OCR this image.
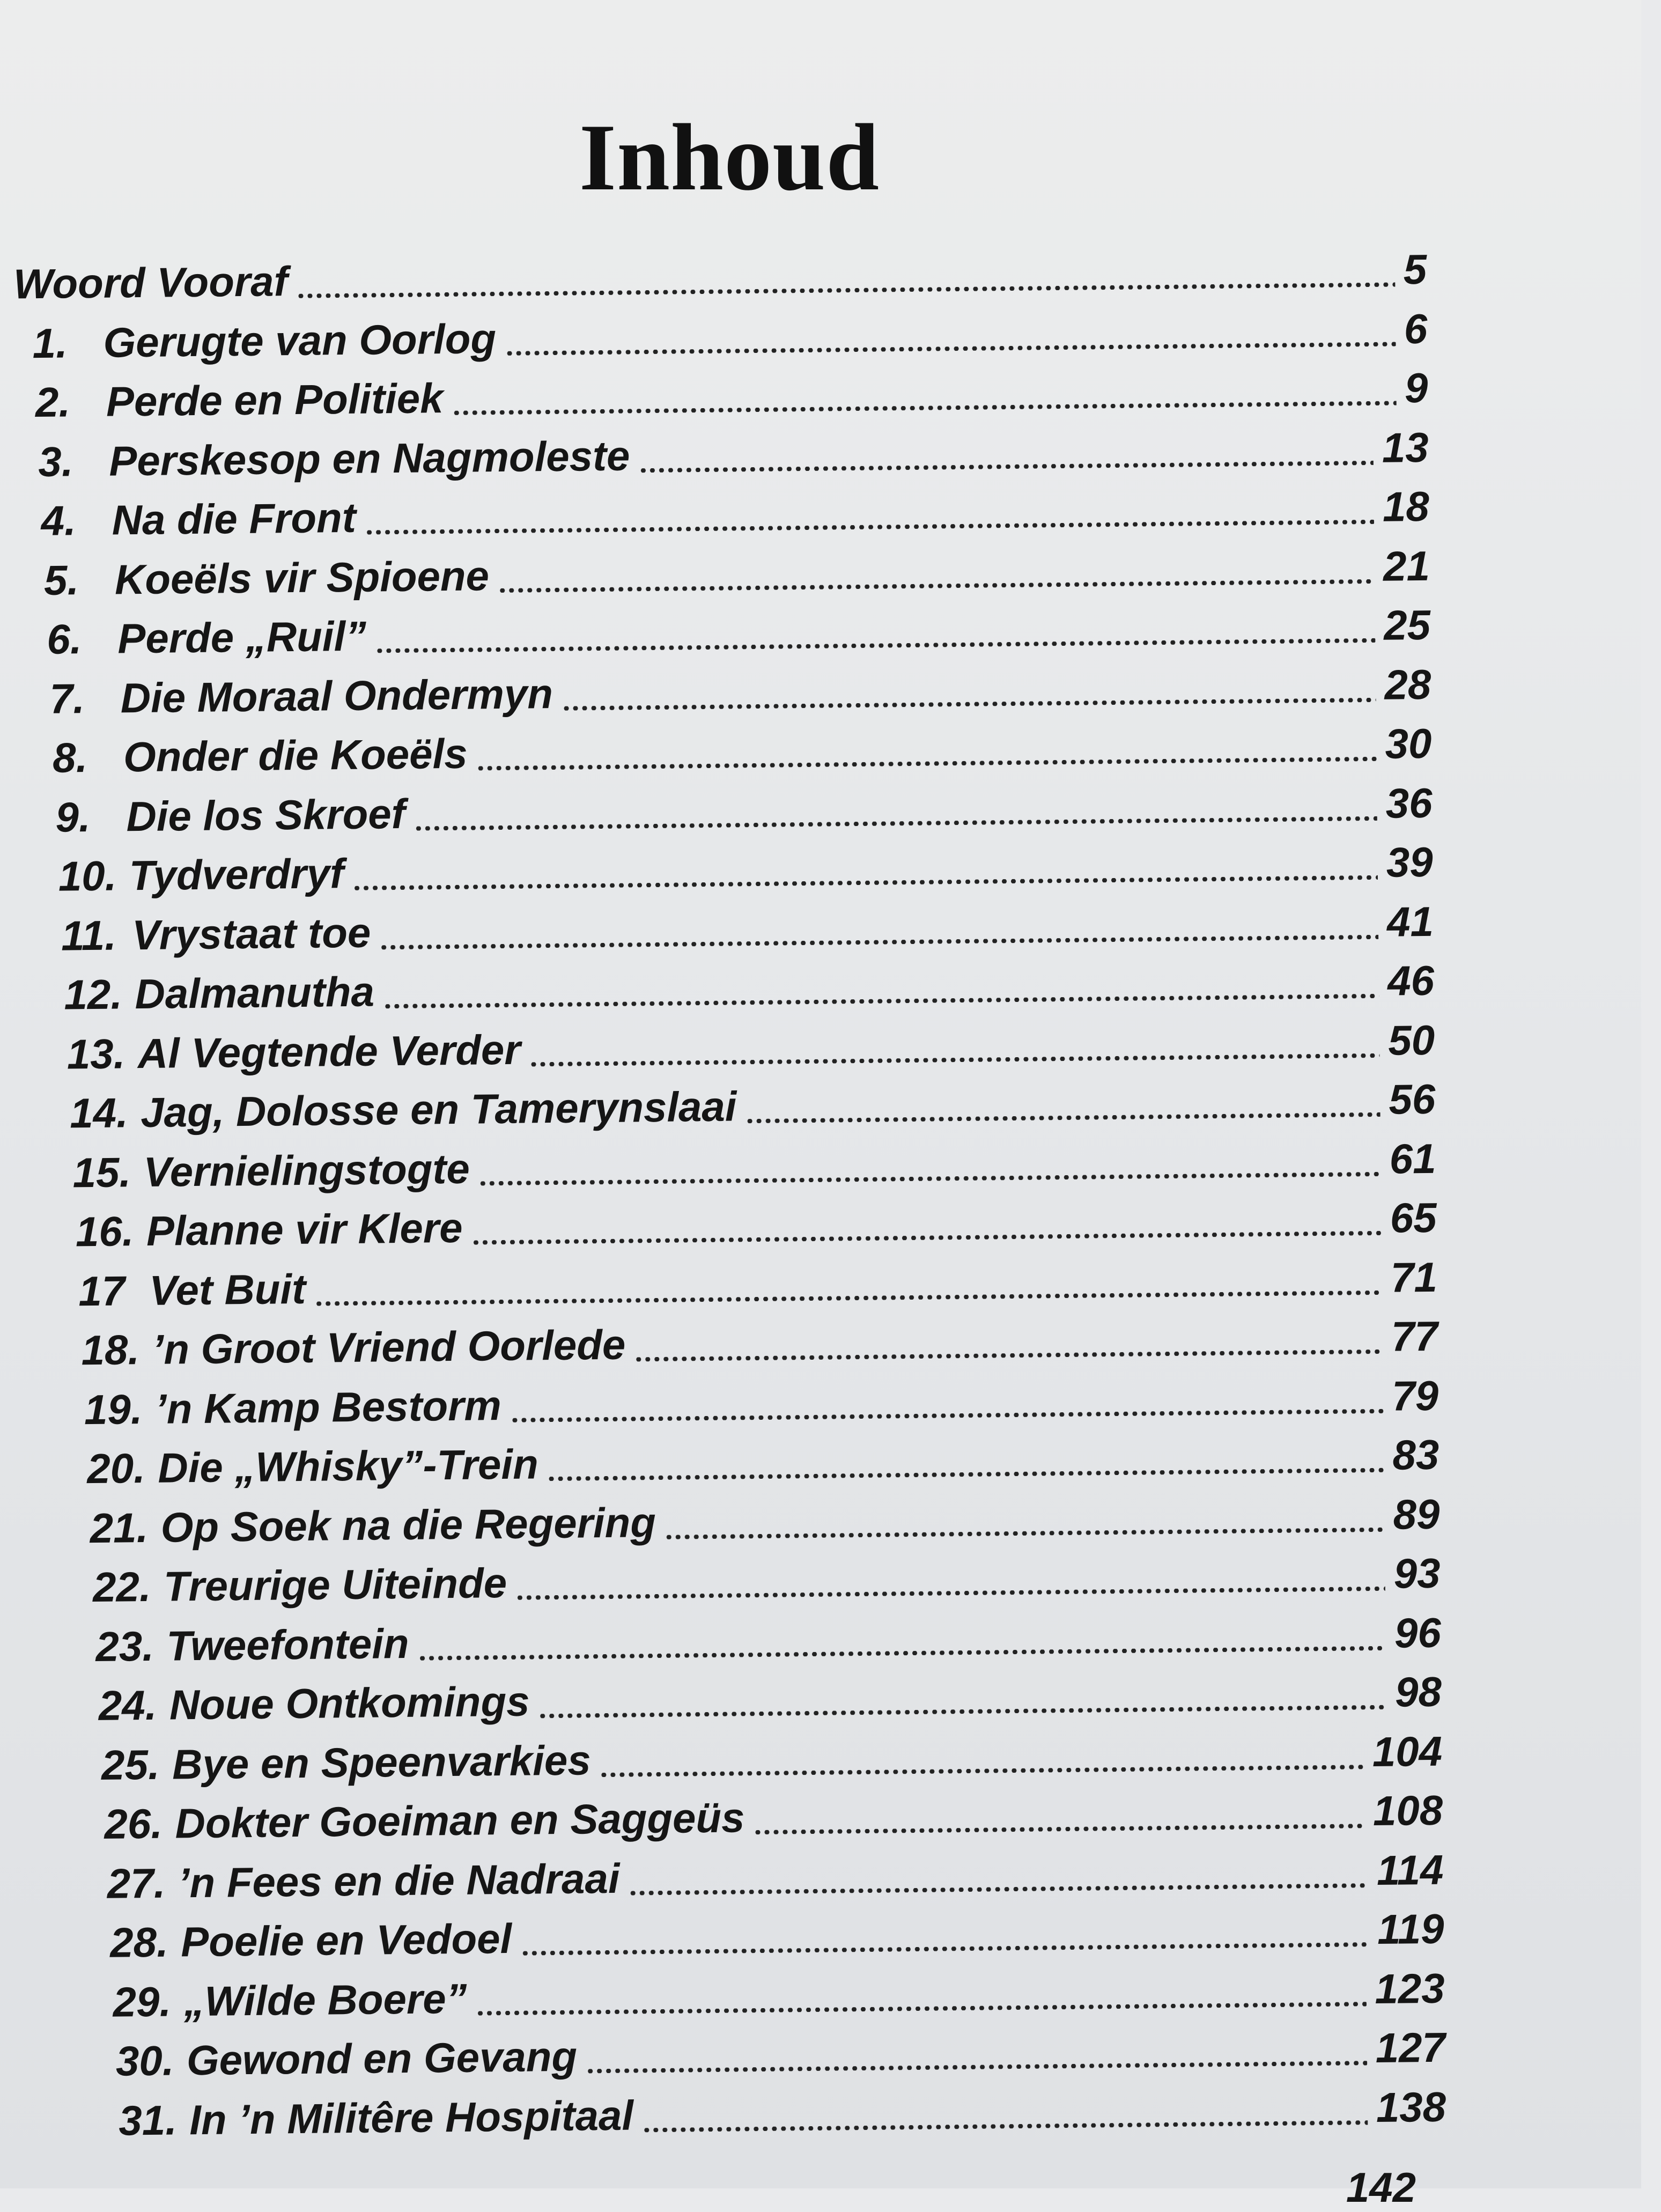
Inhoud
Woord Vooraf	5
1. Gerugte van Oorlog	6
2. Perde en Politiek	9
3. Perskesop en Nagmoleste	13
4. Na die Front	18
5. Koeëls vir Spioene	21
6. Perde „Ruil”	25
7. Die Moraal Ondermyn	28
8. Onder die Koeëls	30
9. Die los Skroef	36
10. Tydverdryf	39
11. Vrystaat toe	41
12. Dalmanutha	46
13. Al Vegtende Verder	50
14. Jag, Dolosse en Tamerynslaai	56
15. Vernielingstogte	61
16. Planne vir Klere	65
17 Vet Buit	71
18. ’n Groot Vriend Oorlede	77
19. ’n Kamp Bestorm	79
20. Die „Whisky”-Trein	83
21. Op Soek na die Regering	89
22. Treurige Uiteinde	93
23. Tweefontein	96
24. Noue Ontkomings	98
25. Bye en Speenvarkies	104
26. Dokter Goeiman en Saggeüs	108
27. ’n Fees en die Nadraai	114
28. Poelie en Vedoel	119
29. „Wilde Boere”	123
30. Gewond en Gevang	127
31. In ’n Militêre Hospitaal	138
142
